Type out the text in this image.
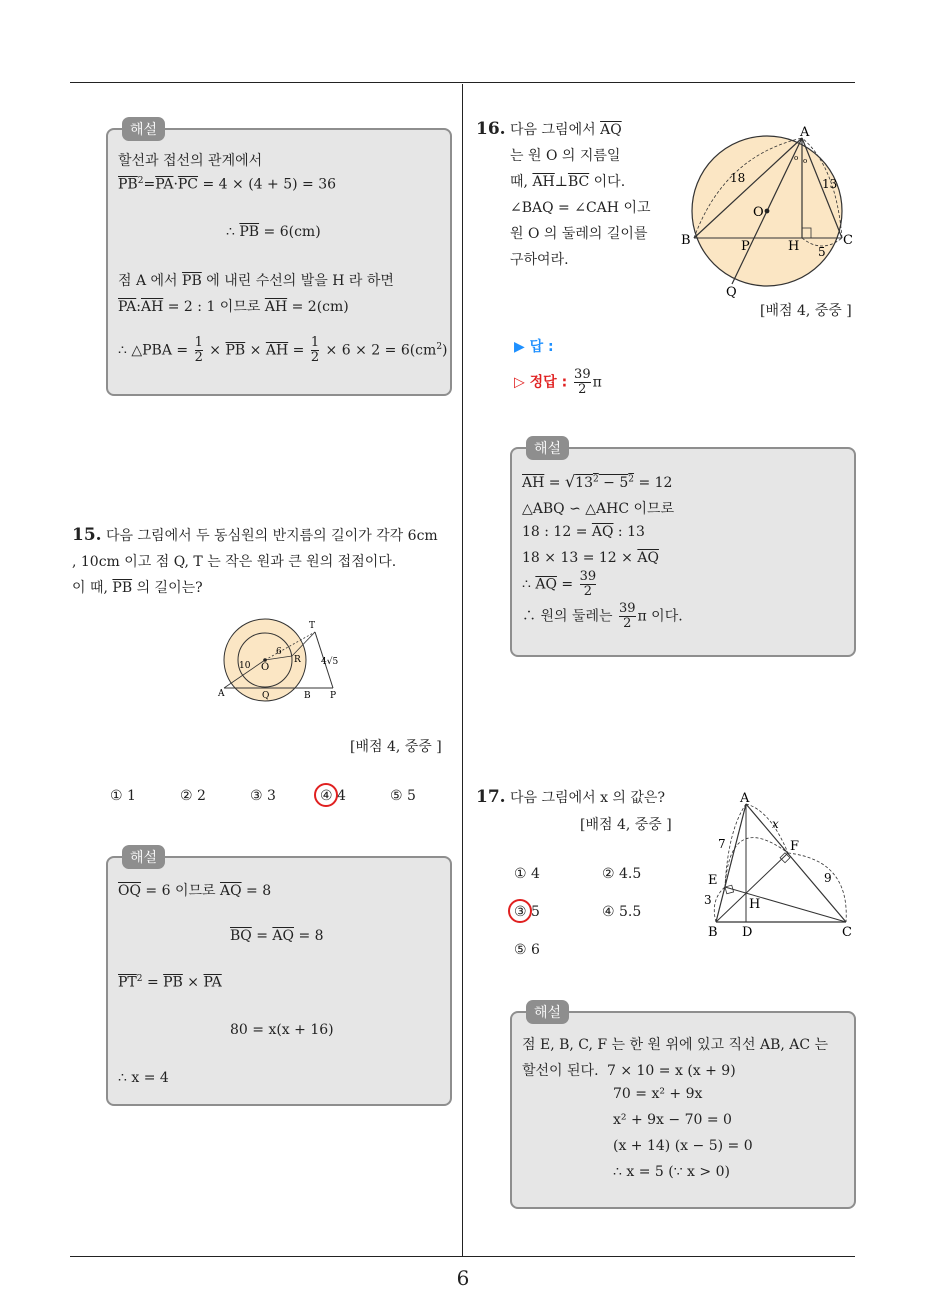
6
해설
할선과 접선의 관계에서
$\overline{PB}^2=\overline{PA}\cdot\overline{PC} = 4 \times (4 + 5) = 36$
∴ $\overline{PB} = 6(cm)$
점 A 에서 $\overline{PB}$ 에 내린 수선의 발을 H 라 하면
$\overline{PA}:\overline{AH} = 2$ : 1 이므로 $\overline{AH} = 2(cm)$
∴ △PBA = $\frac{1}{2} \times \overline{PB} \times \overline{AH} = \frac{1}{2} \times 6 \times 2 = 6(cm^2)$
15. 다음 그림에서 두 동심원의 반지름의 길이가 각각 6cm
, 10cm 이고 점 Q, T 는 작은 원과 큰 원의 접점이다.
이 때, $\overline{PB}$ 의 길이는?
T
O
6
R
10	4√5
A	Q	B P
[배점 4, 중중 ]
① 1	② 2	③ 3	④ 4	⑤ 5
해설
$\overline{OQ} = 6$ 이므로 $\overline{AQ} = 8$
$\overline{BQ} = \overline{AQ} = 8$
$\overline{PT}^2 = \overline{PB} \times \overline{PA}$
80 = x(x + 16)
∴ x = 4
16. 다음 그림에서 $\overline{AQ}$
는 원 O 의 지름일
때, $\overline{AH}\perp\overline{BC}$ 이다.
∠BAQ = ∠CAH 이고
원 O 의 둘레의 길이를
구하여라.
o o
A
B	C
O
P	H
Q
18	13
5
[배점 4, 중중 ]
▶ 답 :
▷ 정답 : $\frac{39}{2}$ π
해설
$\overline{AH} = √13^2 - 5^2 = 12$
△ABQ ∽ △AHC 이므로
18 : $12 = \overline{AQ}$ : 13
$18 \times 13 = 12 \times \overline{AQ}$
∴ $\overline{AQ} = \frac{39}{2}$
∴ 원의 둘레는 $\frac{39}{2}$ π 이다.
17. 다음 그림에서 x 의 값은?
[배점 4, 중중 ]
① 4	② 4.5
③ 5	④ 5.5
⑤ 6
A
x
F
7
9
E
3	H
B D	C
해설
점 E, B, C, F 는 한 원 위에 있고 직선 AB, AC 는
할선이 된다. 7 × 10 = x (x + 9)
70 = x² + 9x
x² + 9x − 70 = 0
(x + 14) (x − 5) = 0
∴ x = 5 (∵ x > 0)
